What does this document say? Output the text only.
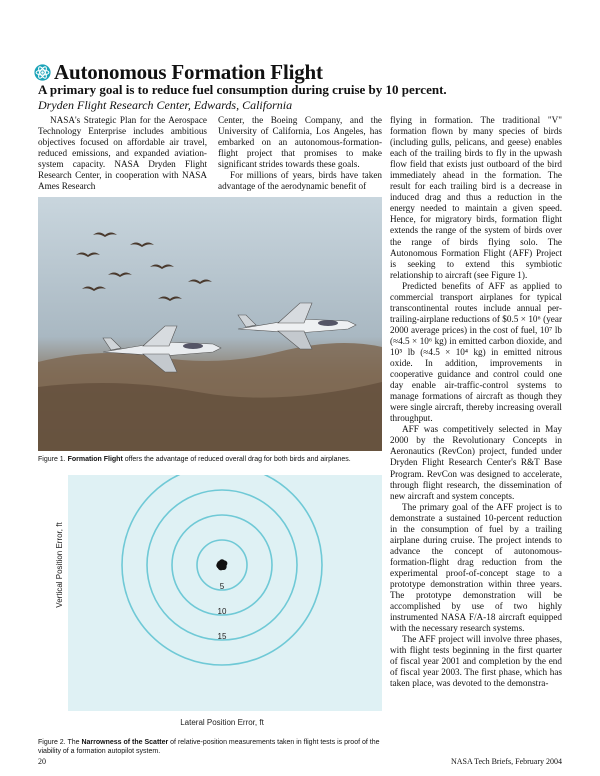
Autonomous Formation Flight
A primary goal is to reduce fuel consumption during cruise by 10 percent.
Dryden Flight Research Center, Edwards, California

NASA's Strategic Plan for the Aerospace Technology Enterprise includes ambitious objectives focused on affordable air travel, reduced emissions, and expanded aviation-system capacity. NASA Dryden Flight Research Center, in cooperation with NASA Ames Research

Center, the Boeing Company, and the University of California, Los Angeles, has embarked on an autonomous-formation-flight project that promises to make significant strides towards these goals.

For millions of years, birds have taken advantage of the aerodynamic benefit of

flying in formation. The traditional "V" formation flown by many species of birds (including gulls, pelicans, and geese) enables each of the trailing birds to fly in the upwash flow field that exists just outboard of the bird immediately ahead in the formation. The result for each trailing bird is a decrease in induced drag and thus a reduction in the energy needed to maintain a given speed. Hence, for migratory birds, formation flight extends the range of the system of birds over the range of birds flying solo. The Autonomous Formation Flight (AFF) Project is seeking to extend this symbiotic relationship to aircraft (see Figure 1).

Predicted benefits of AFF as applied to commercial transport airplanes for typical transcontinental routes include annual per-trailing-airplane reductions of $0.5 × 10⁶ (year 2000 average prices) in the cost of fuel, 10⁷ lb (≈4.5 × 10⁶ kg) in emitted carbon dioxide, and 10⁵ lb (≈4.5 × 10⁴ kg) in emitted nitrous oxide. In addition, improvements in cooperative guidance and control could one day enable air-traffic-control systems to manage formations of aircraft as though they were single aircraft, thereby increasing overall throughput.

AFF was competitively selected in May 2000 by the Revolutionary Concepts in Aeronautics (RevCon) project, funded under Dryden Flight Research Center's R&T Base Program. RevCon was designed to accelerate, through flight research, the dissemination of new aircraft and system concepts.

The primary goal of the AFF project is to demonstrate a sustained 10-percent reduction in the consumption of fuel by a trailing airplane during cruise. The project intends to advance the concept of autonomous-formation-flight drag reduction from the experimental proof-of-concept stage to a prototype demonstration within three years. The prototype demonstration will be accomplished by use of two highly instrumented NASA F/A-18 aircraft equipped with the necessary research systems.

The AFF project will involve three phases, with flight tests beginning in the first quarter of fiscal year 2001 and completion by the end of fiscal year 2003. The first phase, which has taken place, was devoted to the demonstra-

Figure 1. Formation Flight offers the advantage of reduced overall drag for both birds and airplanes.
5
10
15
Lateral Position Error, ft
Vertical Position Error, ft
Figure 2. The Narrowness of the Scatter of relative-position measurements taken in flight tests is proof of the viability of a formation autopilot system.
20	NASA Tech Briefs, February 2004
